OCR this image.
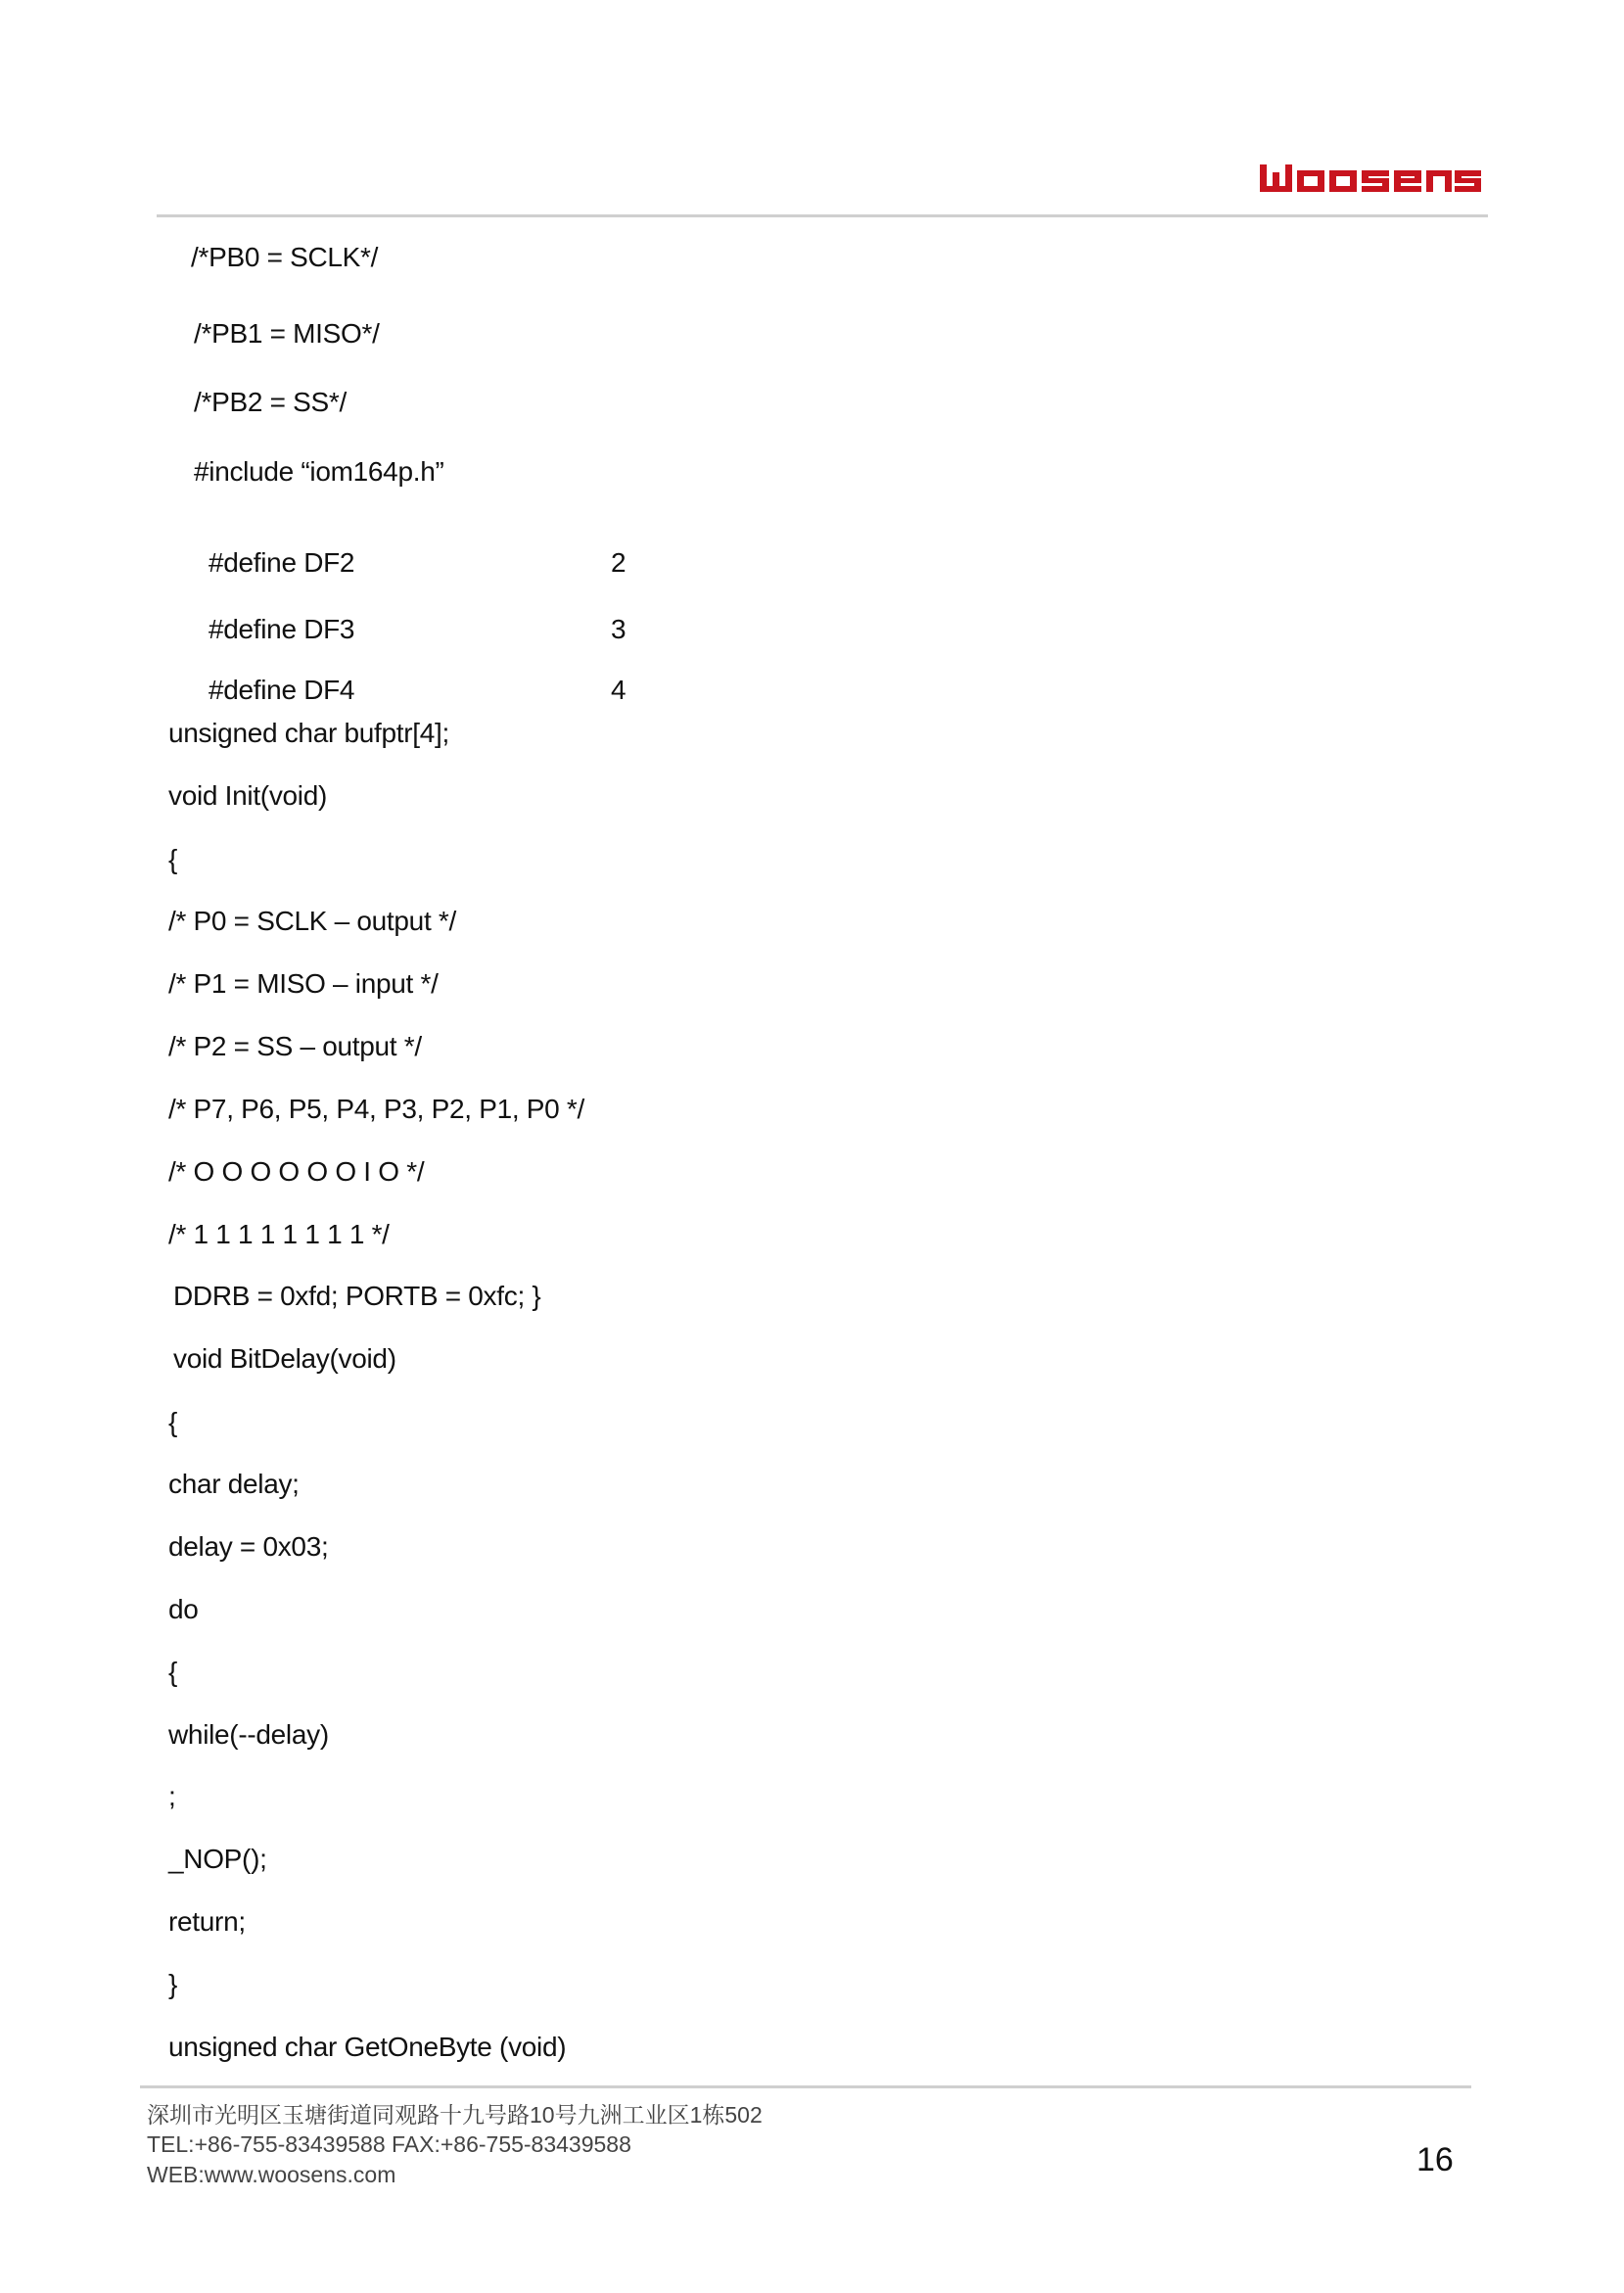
/*PB0 = SCLK*/
/*PB1 = MISO*/
/*PB2 = SS*/
#include “iom164p.h”

#define DF2	2

#define DF3	3

#define DF4	4

unsigned char bufptr[4];
void Init(void)
{
/* P0 = SCLK – output */
/* P1 = MISO – input */
/* P2 = SS – output */
/* P7, P6, P5, P4, P3, P2, P1, P0 */
/* O O O O O O I O */
/* 1 1 1 1 1 1 1 1 */
DDRB = 0xfd; PORTB = 0xfc; }
void BitDelay(void)
{
char delay;
delay = 0x03;
do
{
while(--delay)
;
_NOP();
return;
}
unsigned char GetOneByte (void)
深圳市光明区玉塘街道同观路十九号路10号九洲工业区1栋502
TEL:+86-755-83439588 FAX:+86-755-83439588
WEB:www.woosens.com	16
